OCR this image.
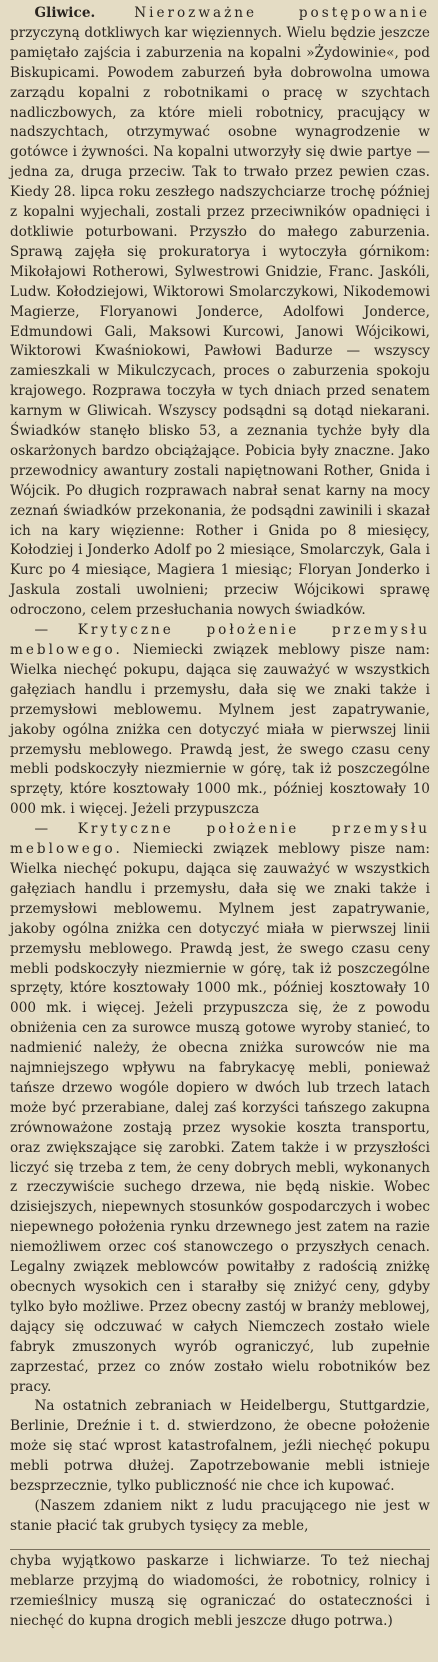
Gliwice.	Nierozważne postępowanie przyczyną dotkliwych kar więziennych. Wielu będzie jeszcze pamiętało zajścia i zaburzenia na kopalni »Żydowinie«, pod Biskupicami. Powodem zaburzeń była dobrowolna umowa zarządu kopalni z robotnikami o pracę w szychtach nadliczbowych, za które mieli robotnicy, pracujący w nadszychtach, otrzymywać osobne wynagrodzenie w gotówce i żywności. Na kopalni utworzyły się dwie partye — jedna za, druga przeciw. Tak to trwało przez pewien czas. Kiedy 28. lipca roku zeszłego nadszychciarze trochę później z kopalni wyjechali, zostali przez przeciwników opadnięci i dotkliwie poturbowani. Przyszło do małego zaburzenia. Sprawą zajęła się prokuratorya i wytoczyła górnikom: Mikołajowi Rotherowi, Sylwestrowi Gnidzie, Franc. Jaskóli, Ludw. Kołodziejowi, Wiktorowi Smolarczykowi, Nikodemowi Magierze, Floryanowi Jonderce, Adolfowi Jonderce, Edmundowi Gali, Maksowi Kurcowi, Janowi Wójcikowi, Wiktorowi Kwaśniokowi, Pawłowi Badurze — wszyscy zamieszkali w Mikulczycach, proces o zaburzenia spokoju krajowego. Rozprawa toczyła w tych dniach przed senatem karnym w Gliwicah. Wszyscy podsądni są dotąd niekarani. Świadków stanęło blisko 53, a zeznania tychże były dla oskarżonych bardzo obciążające. Pobicia były znaczne. Jako przewodnicy awantury zostali napiętnowani Rother, Gnida i Wójcik. Po długich rozprawach nabrał senat karny na mocy zeznań świadków przekonania, że podsądni zawinili i skazał ich na kary więzienne: Rother i Gnida po 8 miesięcy, Kołodziej i Jonderko Adolf po 2 miesiące, Smolarczyk, Gala i Kurc po 4 miesiące, Magiera 1 miesiąc; Floryan Jonderko i Jaskula zostali uwolnieni; przeciw Wójcikowi sprawę odroczono, celem przesłuchania nowych świadków.

— Krytyczne położenie przemysłu meblowego. Niemiecki związek meblowy pisze nam: Wielka niechęć pokupu, dająca się zauważyć w wszystkich gałęziach handlu i przemysłu, dała się we znaki także i przemysłowi meblowemu. Mylnem jest zapatrywanie, jakoby ogólna zniżka cen dotyczyć miała w pierwszej linii przemysłu meblowego. Prawdą jest, że swego czasu ceny mebli podskoczyły niezmiernie w górę, tak iż poszczególne sprzęty, które kosztowały 1000 mk., później kosztowały 10 000 mk. i więcej. Jeżeli przypuszcza

— Krytyczne położenie przemysłu meblowego. Niemiecki związek meblowy pisze nam: Wielka niechęć pokupu, dająca się zauważyć w wszystkich gałęziach handlu i przemysłu, dała się we znaki także i przemysłowi meblowemu. Mylnem jest zapatrywanie, jakoby ogólna zniżka cen dotyczyć miała w pierwszej linii przemysłu meblowego. Prawdą jest, że swego czasu ceny mebli podskoczyły niezmiernie w górę, tak iż poszczególne sprzęty, które kosztowały 1000 mk., później kosztowały 10 000 mk. i więcej. Jeżeli przypuszcza się, że z powodu obniżenia cen za surowce muszą gotowe wyroby stanieć, to nadmienić należy, że obecna zniżka surowców nie ma najmniejszego wpływu na fabrykacyę mebli, ponieważ tańsze drzewo wogóle dopiero w dwóch lub trzech latach może być przerabiane, dalej zaś korzyści tańszego zakupna zrównoważone zostają przez wysokie koszta transportu, oraz zwiększające się zarobki. Zatem także i w przyszłości liczyć się trzeba z tem, że ceny dobrych mebli, wykonanych z rzeczywiście suchego drzewa, nie będą niskie. Wobec dzisiejszych, niepewnych stosunków gospodarczych i wobec niepewnego położenia rynku drzewnego jest zatem na razie niemożliwem orzec coś stanowczego o przyszłych cenach. Legalny związek meblowców powitałby z radością zniżkę obecnych wysokich cen i starałby się zniżyć ceny, gdyby tylko było możliwe. Przez obecny zastój w branży meblowej, dający się odczuwać w całych Niemczech zostało wiele fabryk zmuszonych wyrób ograniczyć, lub zupełnie zaprzestać, przez co znów zostało wielu robotników bez pracy.

Na ostatnich zebraniach w Heidelbergu, Stuttgardzie, Berlinie, Dreźnie i t. d. stwierdzono, że obecne położenie może się stać wprost katastrofalnem, jeźli niechęć pokupu mebli potrwa dłużej. Zapotrzebowanie mebli istnieje bezsprzecznie, tylko publiczność nie chce ich kupować.

(Naszem zdaniem nikt z ludu pracującego nie jest w stanie płacić tak grubych tysięcy za meble,

chyba wyjątkowo paskarze i lichwiarze. To też niechaj meblarze przyjmą do wiadomości, że robotnicy, rolnicy i rzemieślnicy muszą się ograniczać do ostateczności i niechęć do kupna drogich mebli jeszcze długo potrwa.)
